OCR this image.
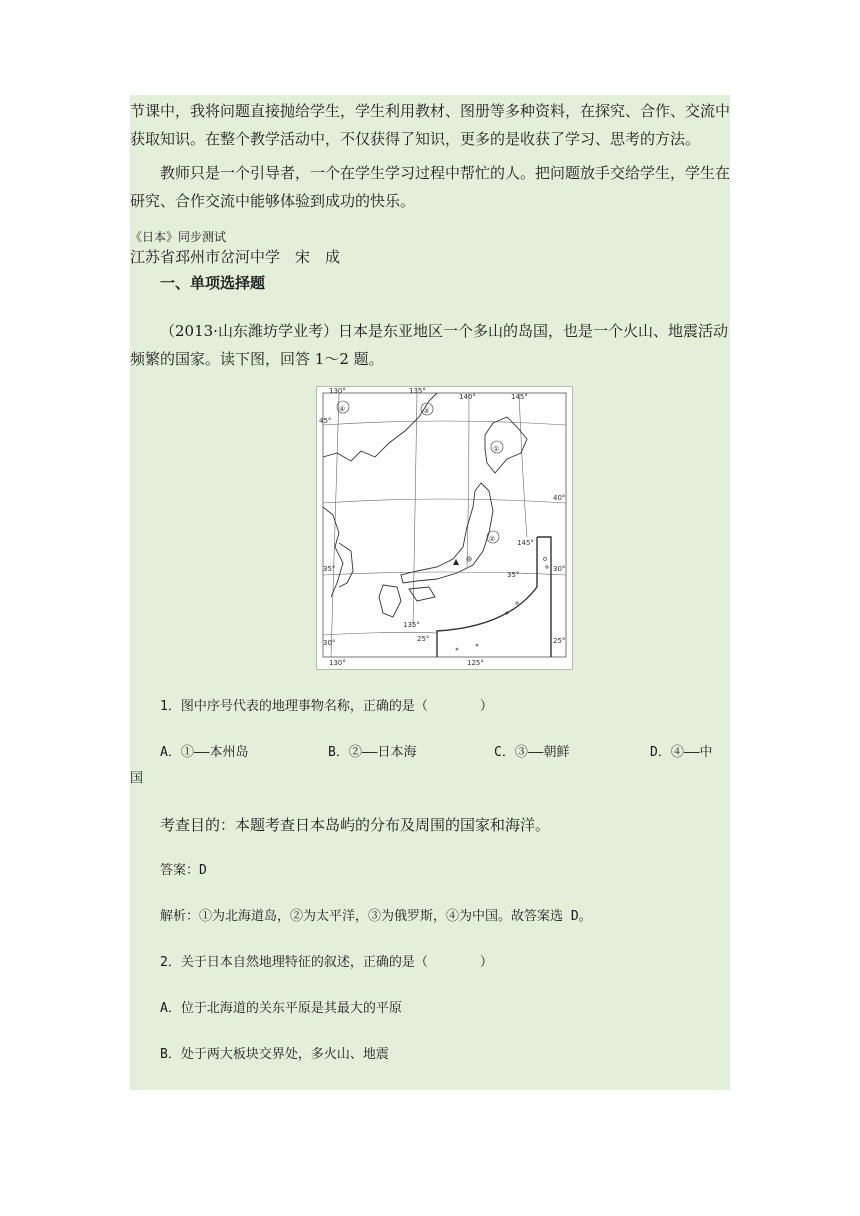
节课中，我将问题直接抛给学生，学生利用教材、图册等多种资料，在探究、合作、交流中

获取知识。在整个教学活动中，不仅获得了知识，更多的是收获了学习、思考的方法。

教师只是一个引导者，一个在学生学习过程中帮忙的人。把问题放手交给学生，学生在

研究、合作交流中能够体验到成功的快乐。

《日本》同步测试

江苏省邳州市岔河中学　宋　成

一、单项选择题

（2013·山东潍坊学业考）日本是东亚地区一个多山的岛国，也是一个火山、地震活动

频繁的国家。读下图，回答 1～2 题。

④	③
①
②
130°	135°
140°	145°
45°
40°
145°
35°
35°
30°
135°
30°	25°	25°
130°	125°

1．图中序号代表的地理事物名称，正确的是（　　　　）

A．①——本州岛	B．②——日本海	C．③——朝鲜	D．④——中

国

考查目的：本题考查日本岛屿的分布及周围的国家和海洋。

答案：D

解析：①为北海道岛，②为太平洋，③为俄罗斯，④为中国。故答案选 D。

2．关于日本自然地理特征的叙述，正确的是（　　　　）

A．位于北海道的关东平原是其最大的平原

B．处于两大板块交界处，多火山、地震
